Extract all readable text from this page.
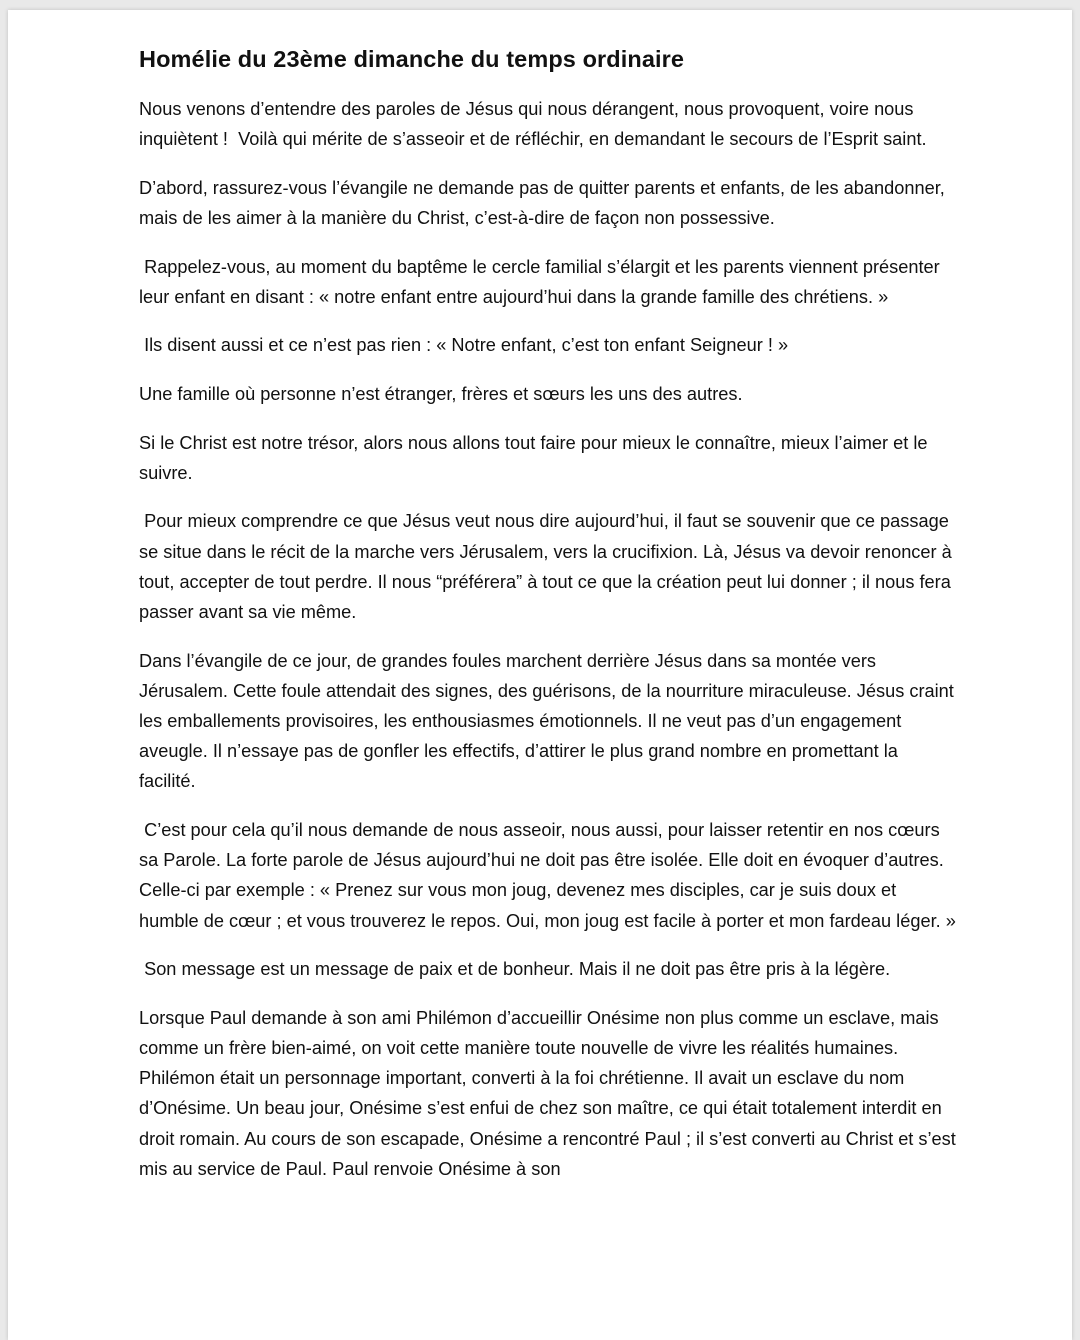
Homélie du 23ème dimanche du temps ordinaire

Nous venons d’entendre des paroles de Jésus qui nous dérangent, nous provoquent, voire nous inquiètent !  Voilà qui mérite de s’asseoir et de réfléchir, en demandant le secours de l’Esprit saint.

D’abord, rassurez-vous l’évangile ne demande pas de quitter parents et enfants, de les abandonner, mais de les aimer à la manière du Christ, c’est-à-dire de façon non possessive.

Rappelez-vous, au moment du baptême le cercle familial s’élargit et les parents viennent présenter leur enfant en disant : « notre enfant entre aujourd’hui dans la grande famille des chrétiens. »

Ils disent aussi et ce n’est pas rien : « Notre enfant, c’est ton enfant Seigneur ! »

Une famille où personne n’est étranger, frères et sœurs les uns des autres.

Si le Christ est notre trésor, alors nous allons tout faire pour mieux le connaître, mieux l’aimer et le suivre.

Pour mieux comprendre ce que Jésus veut nous dire aujourd’hui, il faut se souvenir que ce passage se situe dans le récit de la marche vers Jérusalem, vers la crucifixion. Là, Jésus va devoir renoncer à tout, accepter de tout perdre. Il nous “préférera” à tout ce que la création peut lui donner ; il nous fera passer avant sa vie même.

Dans l’évangile de ce jour, de grandes foules marchent derrière Jésus dans sa montée vers Jérusalem. Cette foule attendait des signes, des guérisons, de la nourriture miraculeuse. Jésus craint les emballements provisoires, les enthousiasmes émotionnels. Il ne veut pas d’un engagement aveugle. Il n’essaye pas de gonfler les effectifs, d’attirer le plus grand nombre en promettant la facilité.

C’est pour cela qu’il nous demande de nous asseoir, nous aussi, pour laisser retentir en nos cœurs sa Parole. La forte parole de Jésus aujourd’hui ne doit pas être isolée. Elle doit en évoquer d’autres. Celle-ci par exemple : « Prenez sur vous mon joug, devenez mes disciples, car je suis doux et humble de cœur ; et vous trouverez le repos. Oui, mon joug est facile à porter et mon fardeau léger. »

Son message est un message de paix et de bonheur. Mais il ne doit pas être pris à la légère.

Lorsque Paul demande à son ami Philémon d’accueillir Onésime non plus comme un esclave, mais comme un frère bien-aimé, on voit cette manière toute nouvelle de vivre les réalités humaines. Philémon était un personnage important, converti à la foi chrétienne. Il avait un esclave du nom d’Onésime. Un beau jour, Onésime s’est enfui de chez son maître, ce qui était totalement interdit en droit romain. Au cours de son escapade, Onésime a rencontré Paul ; il s’est converti au Christ et s’est mis au service de Paul. Paul renvoie Onésime à son
